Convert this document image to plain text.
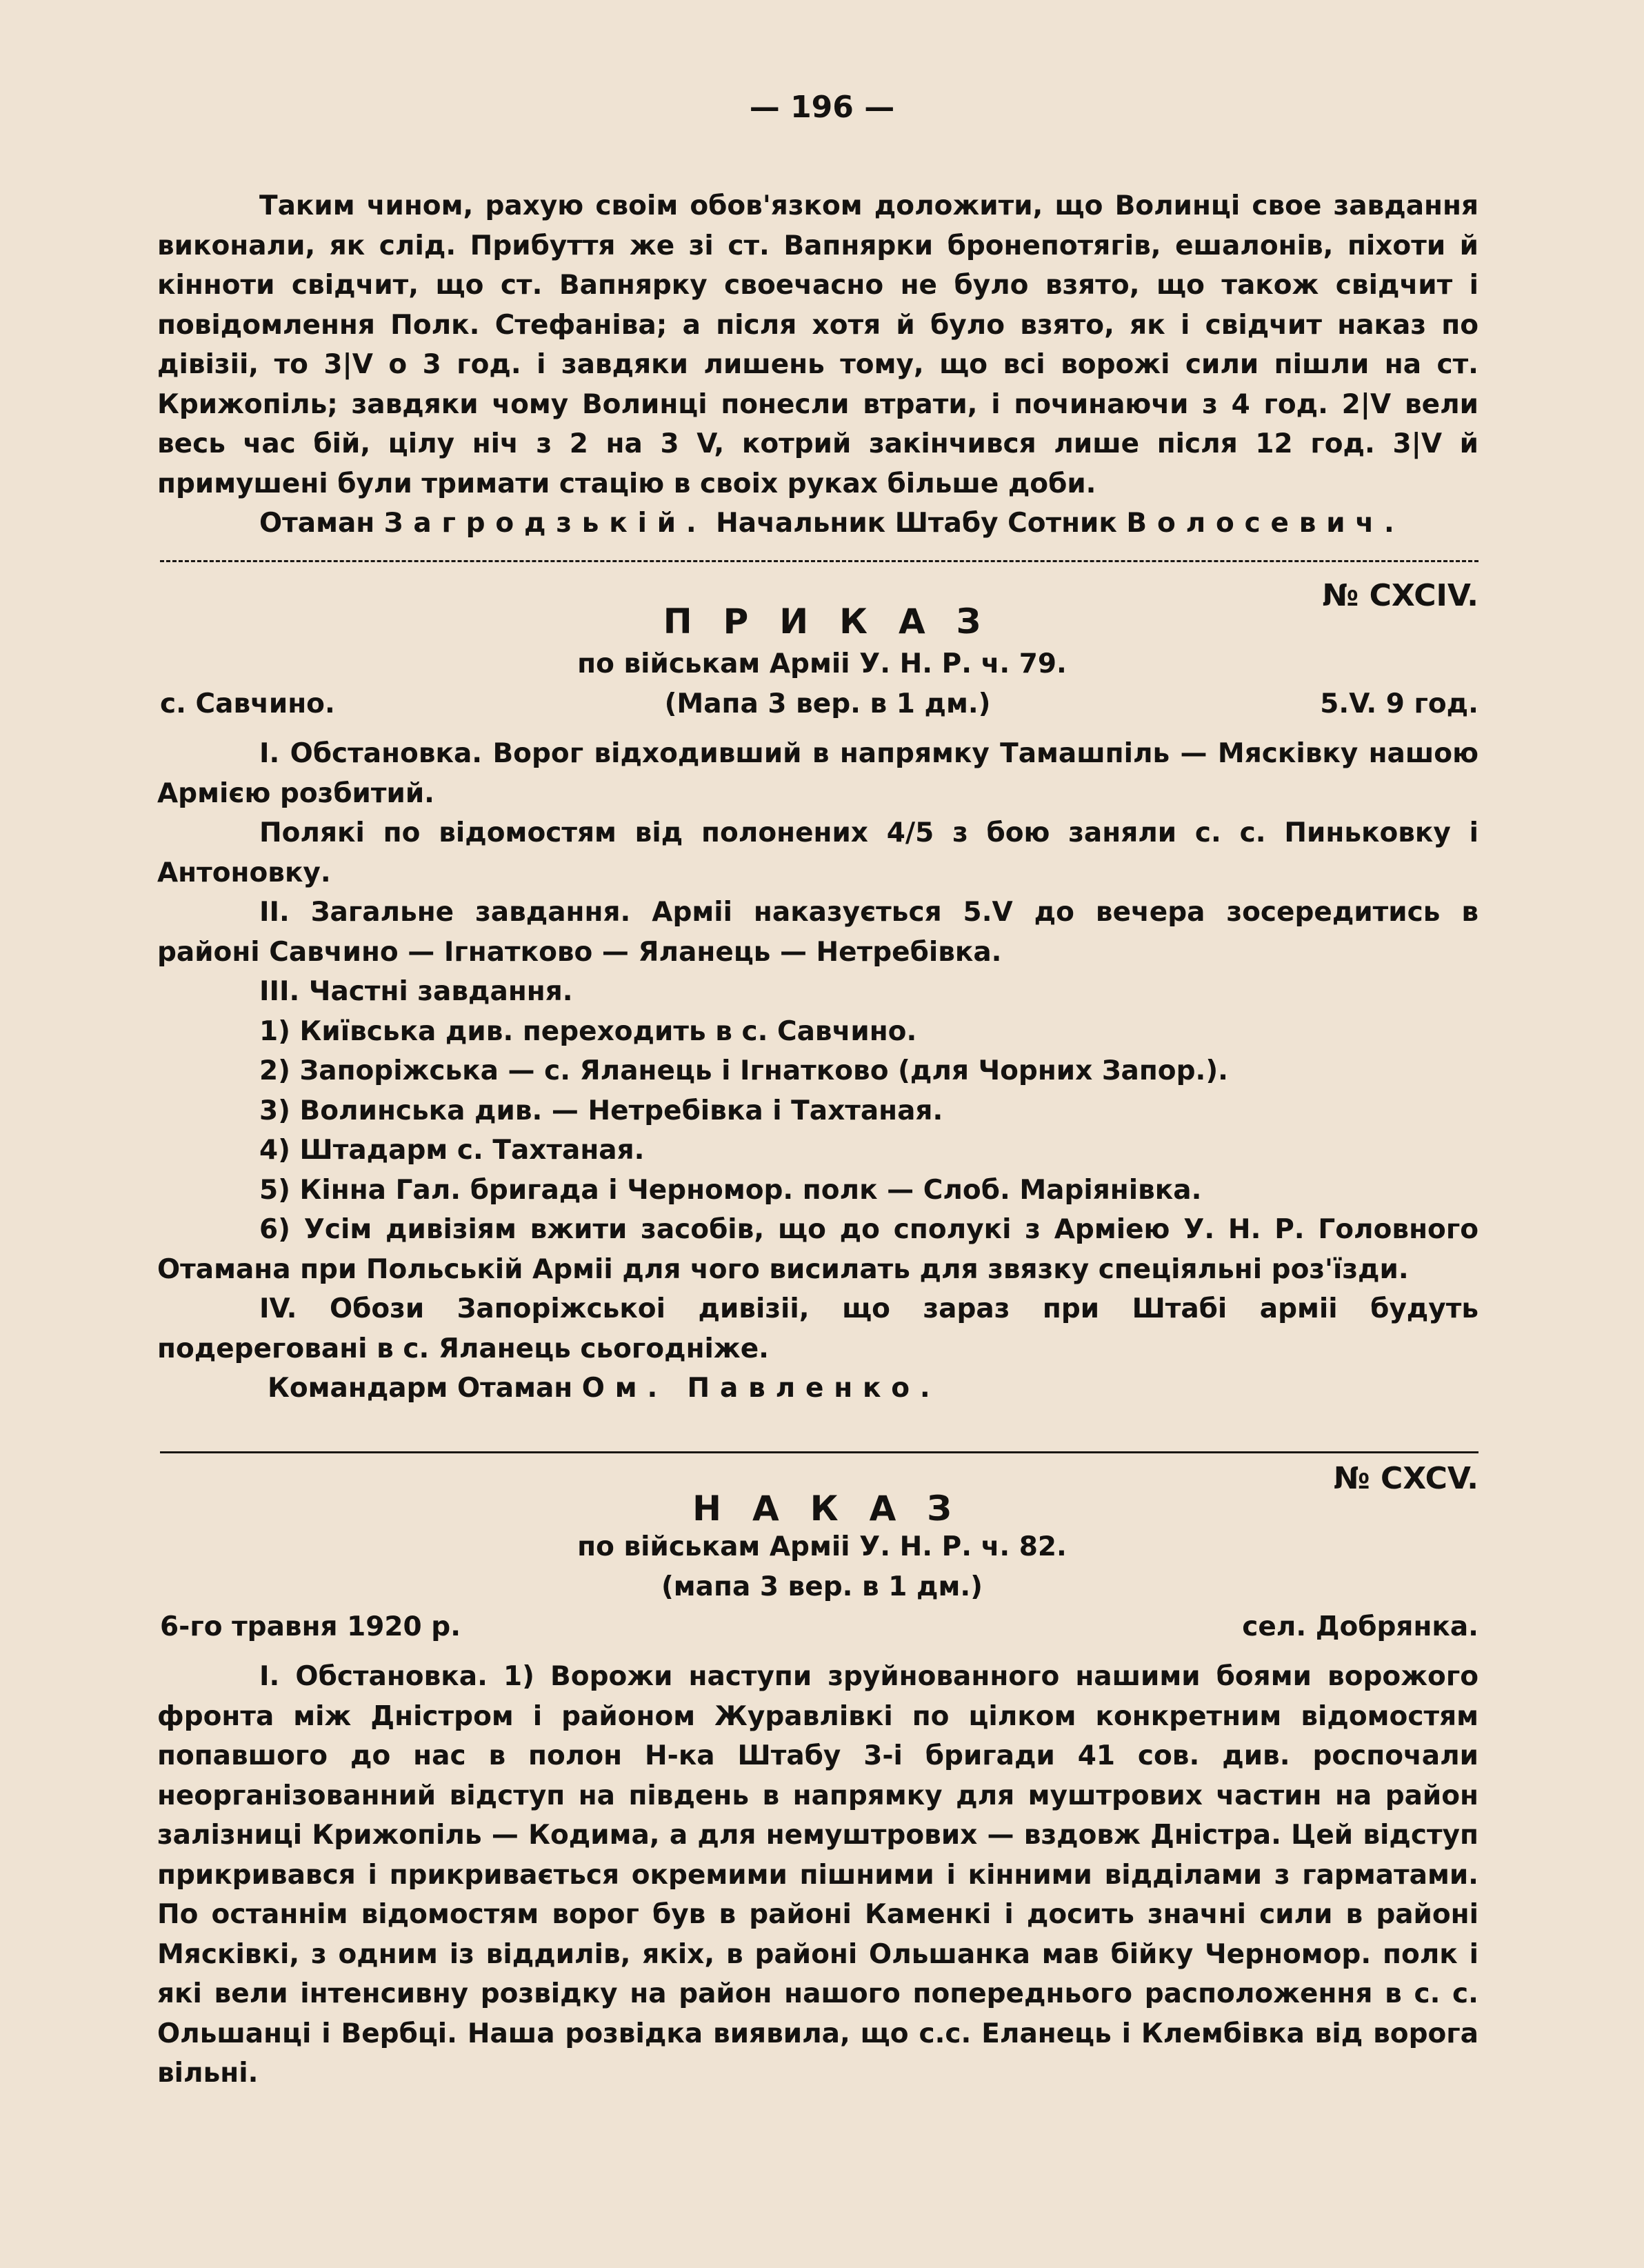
— 196 —

Таким чином, рахую своім обов'язком доложити, що Волинці свое завдання виконали, як слід. Прибуття же зі ст. Вапнярки бронепотягів, ешалонів, піхоти й кінноти свідчит, що ст. Вапнярку своечасно не було взято, що також свідчит і повідомлення Полк. Стефаніва; а після хотя й було взято, як і свідчит наказ по дівізіі, то 3|V о 3 год. і завдяки лишень тому, що всі ворожі сили пішли на ст. Крижопіль; завдяки чому Волинці понесли втрати, і починаючи з 4 год. 2|V вели весь час бій, цілу ніч з 2 на 3 V, котрий закінчився лише після 12 год. 3|V й примушені були тримати стацію в своіх руках більше доби.

Отаман Загродзькій. Начальник Штабу Сотник Волосевич.

№ CXCIV.
ПРИКАЗ
по військам Арміі У. Н. Р. ч. 79.
с. Савчино.	(Мапа 3 вер. в 1 дм.)	5.V. 9 год.

I. Обстановка. Ворог відходивший в напрямку Тамашпіль — Мясківку нашою Армією розбитий.

Полякі по відомостям від полонених 4/5 з бою заняли с. с. Пиньковку і Антоновку.

II. Загальне завдання. Арміі наказується 5.V до вечера зосередитись в районі Савчино — Ігнатково — Яланець — Нетребівка.

III. Частні завдання.

1) Київська див. переходить в с. Савчино.

2) Запоріжська — с. Яланець і Ігнатково (для Чорних Запор.).

3) Волинська див. — Нетребівка і Тахтаная.

4) Штадарм с. Тахтаная.

5) Кінна Гал. бригада і Черномор. полк — Слоб. Маріянівка.

6) Усім дивізіям вжити засобів, що до сполукі з Арміею У. Н. Р. Головного Отамана при Польській Арміі для чого висилать для звязку спеціяльні роз'їзди.

IV. Обози Запоріжськоі дивізіі, що зараз при Штабі арміі будуть подереговані в с. Яланець сьогодніже.

Командарм Отаман Ом. Павленко.

№ CXCV.
НАКАЗ
по військам Арміі У. Н. Р. ч. 82.
(мапа 3 вер. в 1 дм.)
6-го травня 1920 р.	сел. Добрянка.

I. Обстановка. 1) Ворожи наступи зруйнованного нашими боями ворожого фронта між Дністром і районом Журавлівкі по цілком конкретним відомостям попавшого до нас в полон Н-ка Штабу 3-і бригади 41 сов. див. роспочали неорганізованний відступ на південь в напрямку для муштрових частин на район залізниці Крижопіль — Кодима, а для немуштрових — вздовж Дністра. Цей відступ прикривався і прикривається окремими пішними і кінними відділами з гарматами. По останнім відомостям ворог був в районі Каменкі і досить значні сили в районі Мясківкі, з одним із віддилів, якіх, в районі Ольшанка мав бійку Черномор. полк і які вели інтенсивну розвідку на район нашого попереднього расположення в с. с. Ольшанці і Вербці. Наша розвідка виявила, що с.с. Еланець і Клембівка від ворога вільні.
